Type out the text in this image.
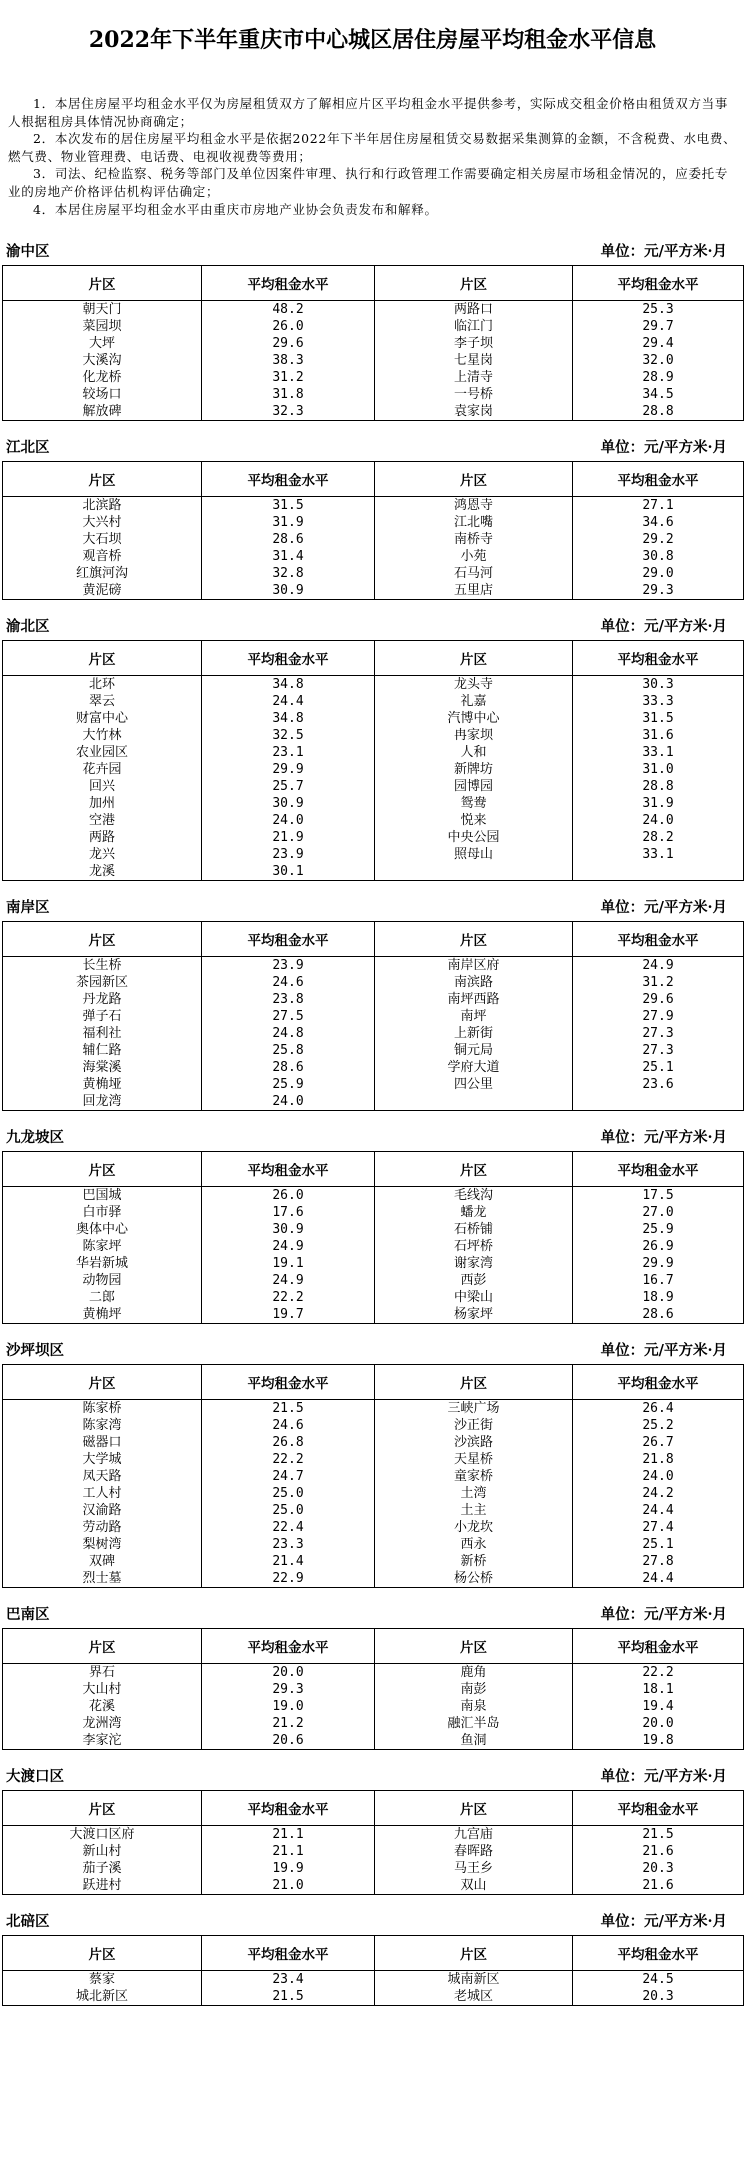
2022年下半年重庆市中心城区居住房屋平均租金水平信息

1．本居住房屋平均租金水平仅为房屋租赁双方了解相应片区平均租金水平提供参考，实际成交租金价格由租赁双方当事人根据租房具体情况协商确定；

2．本次发布的居住房屋平均租金水平是依据2022年下半年居住房屋租赁交易数据采集测算的金额，不含税费、水电费、燃气费、物业管理费、电话费、电视收视费等费用；

3．司法、纪检监察、税务等部门及单位因案件审理、执行和行政管理工作需要确定相关房屋市场租金情况的，应委托专业的房地产价格评估机构评估确定；

4．本居住房屋平均租金水平由重庆市房地产业协会负责发布和解释。

渝中区	单位：元/平方米·月
片区	平均租金水平	片区	平均租金水平
朝天门	48.2	两路口	25.3
菜园坝	26.0	临江门	29.7
大坪	29.6	李子坝	29.4
大溪沟	38.3	七星岗	32.0
化龙桥	31.2	上清寺	28.9
较场口	31.8	一号桥	34.5
解放碑	32.3	袁家岗	28.8
江北区	单位：元/平方米·月
片区	平均租金水平	片区	平均租金水平
北滨路	31.5	鸿恩寺	27.1
大兴村	31.9	江北嘴	34.6
大石坝	28.6	南桥寺	29.2
观音桥	31.4	小苑	30.8
红旗河沟	32.8	石马河	29.0
黄泥磅	30.9	五里店	29.3
渝北区	单位：元/平方米·月
片区	平均租金水平	片区	平均租金水平
北环	34.8	龙头寺	30.3
翠云	24.4	礼嘉	33.3
财富中心	34.8	汽博中心	31.5
大竹林	32.5	冉家坝	31.6
农业园区	23.1	人和	33.1
花卉园	29.9	新牌坊	31.0
回兴	25.7	园博园	28.8
加州	30.9	鸳鸯	31.9
空港	24.0	悦来	24.0
两路	21.9	中央公园	28.2
龙兴	23.9	照母山	33.1
龙溪	30.1		
南岸区	单位：元/平方米·月
片区	平均租金水平	片区	平均租金水平
长生桥	23.9	南岸区府	24.9
茶园新区	24.6	南滨路	31.2
丹龙路	23.8	南坪西路	29.6
弹子石	27.5	南坪	27.9
福利社	24.8	上新街	27.3
辅仁路	25.8	铜元局	27.3
海棠溪	28.6	学府大道	25.1
黄桷垭	25.9	四公里	23.6
回龙湾	24.0		
九龙坡区	单位：元/平方米·月
片区	平均租金水平	片区	平均租金水平
巴国城	26.0	毛线沟	17.5
白市驿	17.6	蟠龙	27.0
奥体中心	30.9	石桥铺	25.9
陈家坪	24.9	石坪桥	26.9
华岩新城	19.1	谢家湾	29.9
动物园	24.9	西彭	16.7
二郎	22.2	中梁山	18.9
黄桷坪	19.7	杨家坪	28.6
沙坪坝区	单位：元/平方米·月
片区	平均租金水平	片区	平均租金水平
陈家桥	21.5	三峡广场	26.4
陈家湾	24.6	沙正街	25.2
磁器口	26.8	沙滨路	26.7
大学城	22.2	天星桥	21.8
凤天路	24.7	童家桥	24.0
工人村	25.0	土湾	24.2
汉渝路	25.0	土主	24.4
劳动路	22.4	小龙坎	27.4
梨树湾	23.3	西永	25.1
双碑	21.4	新桥	27.8
烈士墓	22.9	杨公桥	24.4
巴南区	单位：元/平方米·月
片区	平均租金水平	片区	平均租金水平
界石	20.0	鹿角	22.2
大山村	29.3	南彭	18.1
花溪	19.0	南泉	19.4
龙洲湾	21.2	融汇半岛	20.0
李家沱	20.6	鱼洞	19.8
大渡口区	单位：元/平方米·月
片区	平均租金水平	片区	平均租金水平
大渡口区府	21.1	九宫庙	21.5
新山村	21.1	春晖路	21.6
茄子溪	19.9	马王乡	20.3
跃进村	21.0	双山	21.6
北碚区	单位：元/平方米·月
片区	平均租金水平	片区	平均租金水平
蔡家	23.4	城南新区	24.5
城北新区	21.5	老城区	20.3
